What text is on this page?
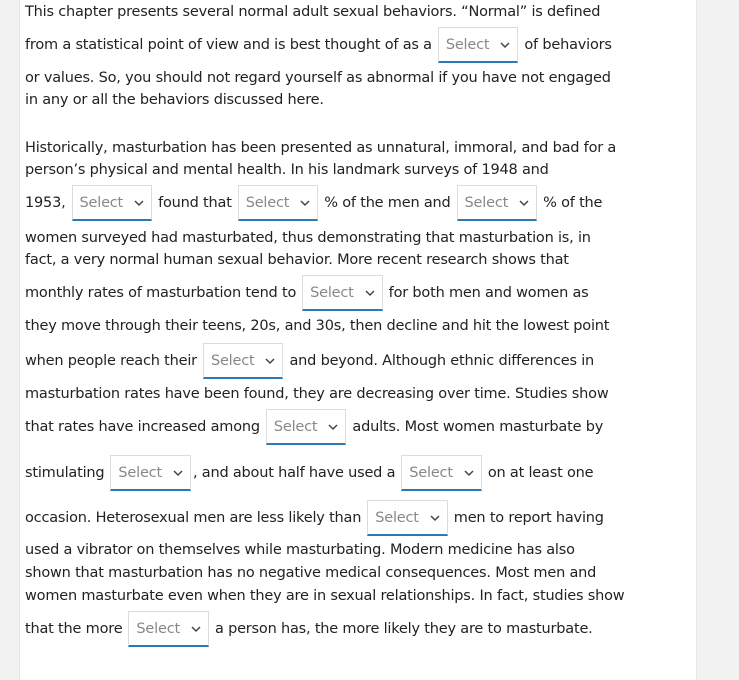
This chapter presents several normal adult sexual behaviors. “Normal” is defined
from a statistical point of view and is best thought of as a Select of behaviors
or values. So, you should not regard yourself as abnormal if you have not engaged
in any or all the behaviors discussed here.
Historically, masturbation has been presented as unnatural, immoral, and bad for a
person’s physical and mental health. In his landmark surveys of 1948 and
1953, Select found that Select % of the men and Select % of the
women surveyed had masturbated, thus demonstrating that masturbation is, in
fact, a very normal human sexual behavior. More recent research shows that
monthly rates of masturbation tend to Select for both men and women as
they move through their teens, 20s, and 30s, then decline and hit the lowest point
when people reach their Select and beyond. Although ethnic differences in
masturbation rates have been found, they are decreasing over time. Studies show
that rates have increased among Select adults. Most women masturbate by
stimulating Select , and about half have used a Select on at least one
occasion. Heterosexual men are less likely than Select men to report having
used a vibrator on themselves while masturbating. Modern medicine has also
shown that masturbation has no negative medical consequences. Most men and
women masturbate even when they are in sexual relationships. In fact, studies show
that the more Select a person has, the more likely they are to masturbate.
